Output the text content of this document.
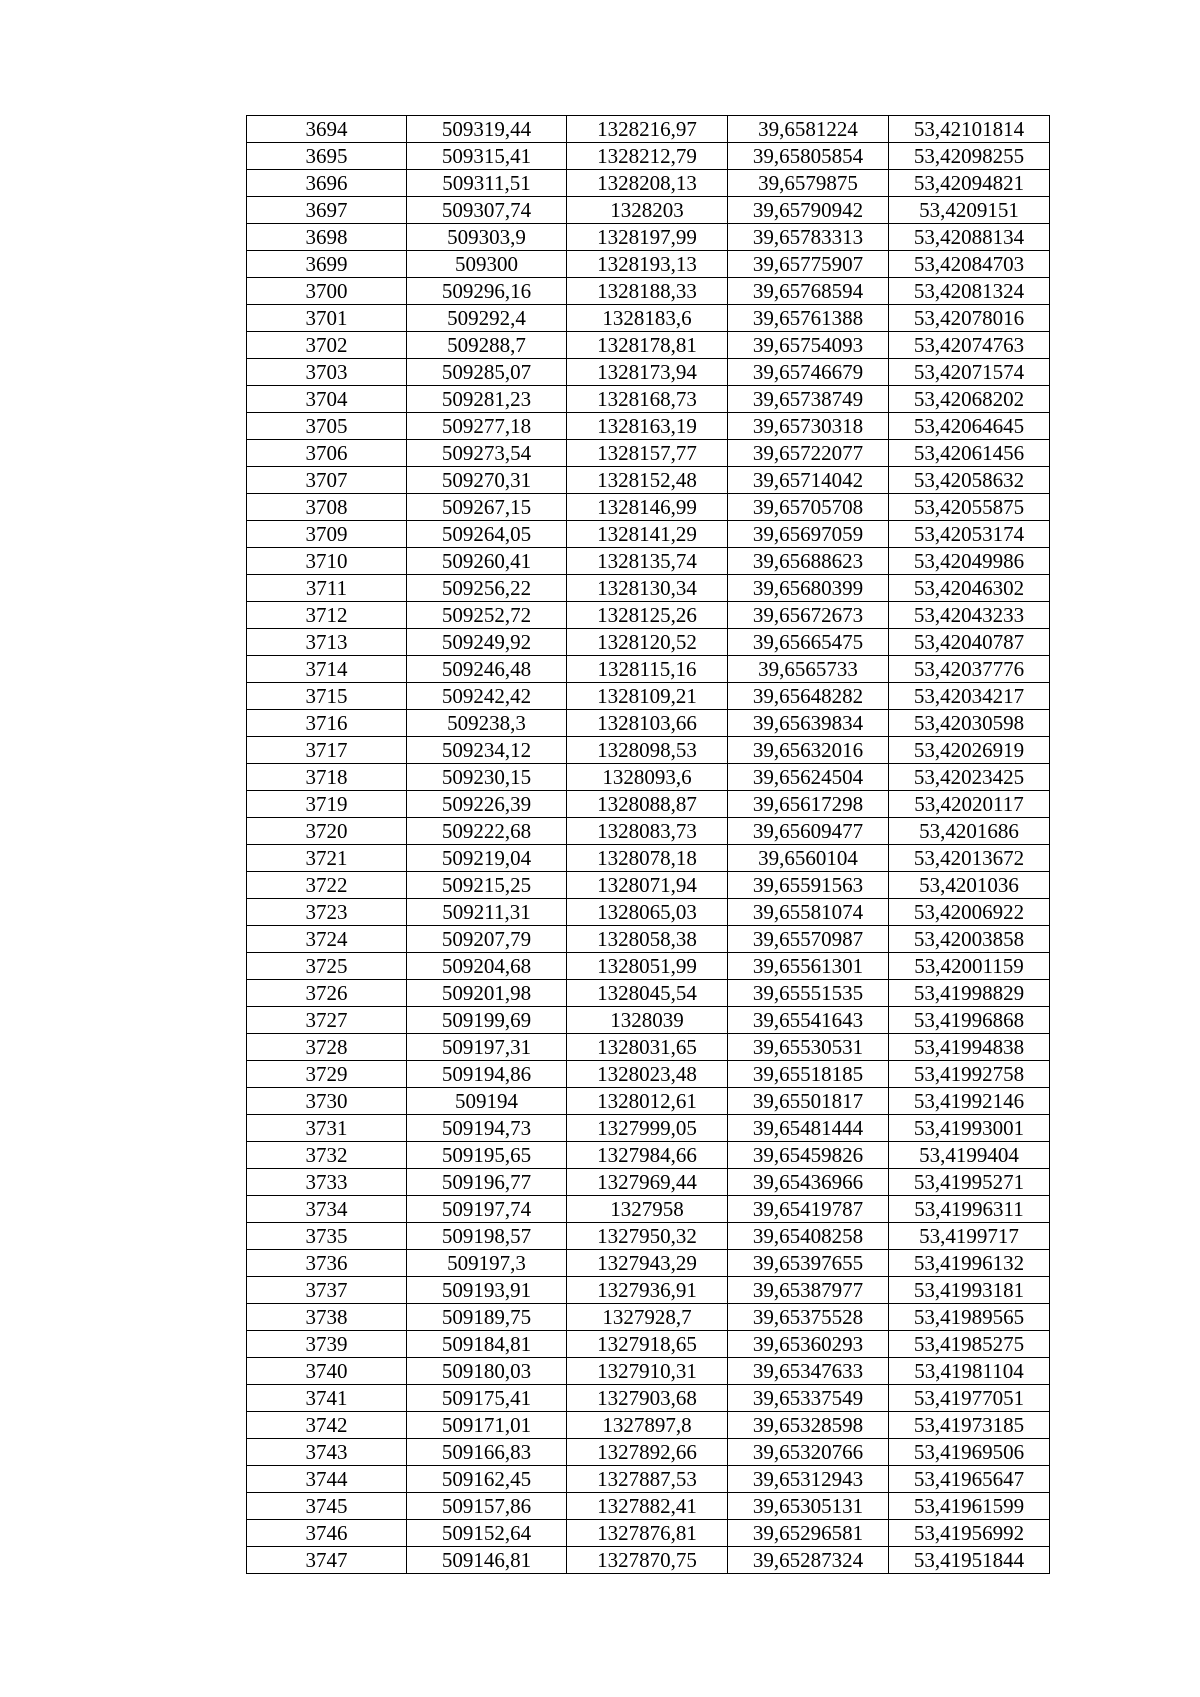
3694	509319,44	1328216,97	39,6581224	53,42101814
3695	509315,41	1328212,79	39,65805854	53,42098255
3696	509311,51	1328208,13	39,6579875	53,42094821
3697	509307,74	1328203	39,65790942	53,4209151
3698	509303,9	1328197,99	39,65783313	53,42088134
3699	509300	1328193,13	39,65775907	53,42084703
3700	509296,16	1328188,33	39,65768594	53,42081324
3701	509292,4	1328183,6	39,65761388	53,42078016
3702	509288,7	1328178,81	39,65754093	53,42074763
3703	509285,07	1328173,94	39,65746679	53,42071574
3704	509281,23	1328168,73	39,65738749	53,42068202
3705	509277,18	1328163,19	39,65730318	53,42064645
3706	509273,54	1328157,77	39,65722077	53,42061456
3707	509270,31	1328152,48	39,65714042	53,42058632
3708	509267,15	1328146,99	39,65705708	53,42055875
3709	509264,05	1328141,29	39,65697059	53,42053174
3710	509260,41	1328135,74	39,65688623	53,42049986
3711	509256,22	1328130,34	39,65680399	53,42046302
3712	509252,72	1328125,26	39,65672673	53,42043233
3713	509249,92	1328120,52	39,65665475	53,42040787
3714	509246,48	1328115,16	39,6565733	53,42037776
3715	509242,42	1328109,21	39,65648282	53,42034217
3716	509238,3	1328103,66	39,65639834	53,42030598
3717	509234,12	1328098,53	39,65632016	53,42026919
3718	509230,15	1328093,6	39,65624504	53,42023425
3719	509226,39	1328088,87	39,65617298	53,42020117
3720	509222,68	1328083,73	39,65609477	53,4201686
3721	509219,04	1328078,18	39,6560104	53,42013672
3722	509215,25	1328071,94	39,65591563	53,4201036
3723	509211,31	1328065,03	39,65581074	53,42006922
3724	509207,79	1328058,38	39,65570987	53,42003858
3725	509204,68	1328051,99	39,65561301	53,42001159
3726	509201,98	1328045,54	39,65551535	53,41998829
3727	509199,69	1328039	39,65541643	53,41996868
3728	509197,31	1328031,65	39,65530531	53,41994838
3729	509194,86	1328023,48	39,65518185	53,41992758
3730	509194	1328012,61	39,65501817	53,41992146
3731	509194,73	1327999,05	39,65481444	53,41993001
3732	509195,65	1327984,66	39,65459826	53,4199404
3733	509196,77	1327969,44	39,65436966	53,41995271
3734	509197,74	1327958	39,65419787	53,41996311
3735	509198,57	1327950,32	39,65408258	53,4199717
3736	509197,3	1327943,29	39,65397655	53,41996132
3737	509193,91	1327936,91	39,65387977	53,41993181
3738	509189,75	1327928,7	39,65375528	53,41989565
3739	509184,81	1327918,65	39,65360293	53,41985275
3740	509180,03	1327910,31	39,65347633	53,41981104
3741	509175,41	1327903,68	39,65337549	53,41977051
3742	509171,01	1327897,8	39,65328598	53,41973185
3743	509166,83	1327892,66	39,65320766	53,41969506
3744	509162,45	1327887,53	39,65312943	53,41965647
3745	509157,86	1327882,41	39,65305131	53,41961599
3746	509152,64	1327876,81	39,65296581	53,41956992
3747	509146,81	1327870,75	39,65287324	53,41951844
